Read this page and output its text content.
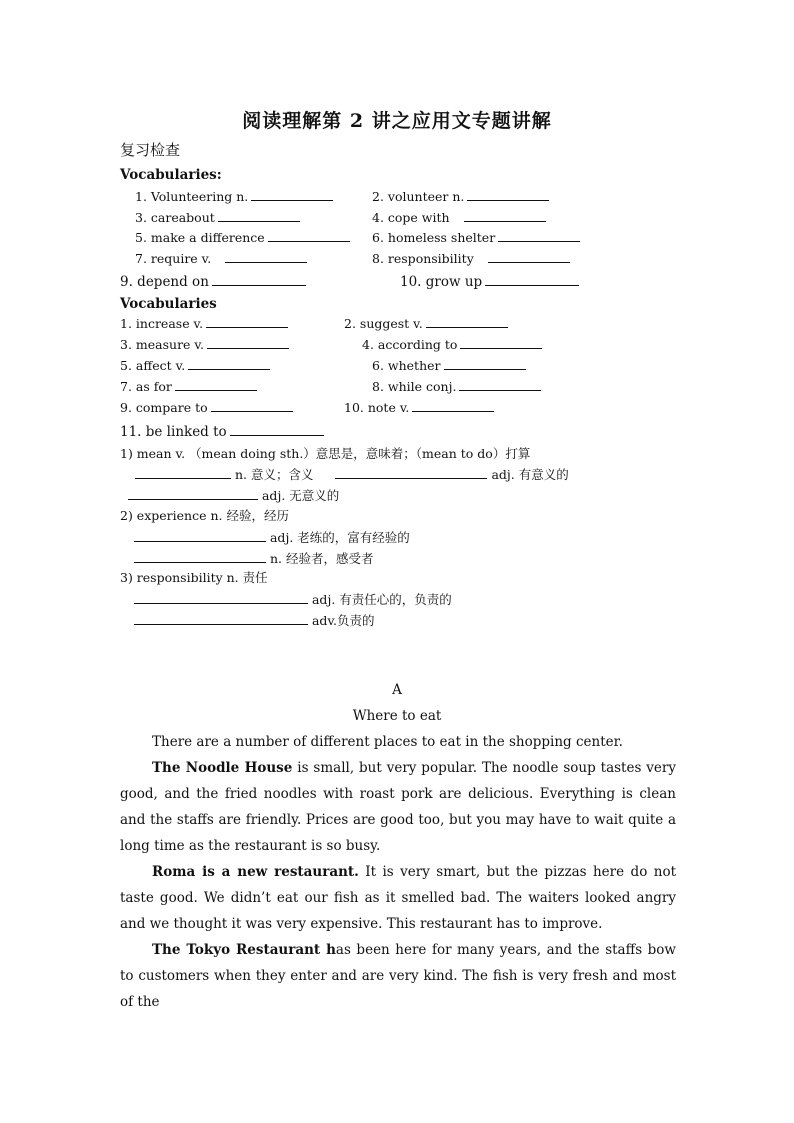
阅读理解第 2 讲之应用文专题讲解
复习检查
Vocabularies:
1. Volunteering n.
3. careabout
5. make a difference
7. require v.
2. volunteer n.
4. cope with
6. homeless shelter
8. responsibility
9. depend on	10. grow up
Vocabularies
1. increase v.
3. measure v.
5. affect v.
7. as for
9. compare to
2. suggest v.
4. according to
6. whether
8. while conj.
10. note v.
11. be linked to
1) mean v. （mean doing sth.）意思是，意味着；（mean to do）打算
n. 意义；含义	adj. 有意义的
adj. 无意义的
2) experience n. 经验，经历
adj. 老练的，富有经验的
n. 经验者，感受者
3) responsibility n. 责任
adj. 有责任心的，负责的
adv.负责的
A
Where to eat

There are a number of different places to eat in the shopping center.

The Noodle House is small, but very popular. The noodle soup tastes very good, and the fried noodles with roast pork are delicious. Everything is clean and the staffs are friendly. Prices are good too, but you may have to wait quite a long time as the restaurant is so busy.

Roma is a new restaurant. It is very smart, but the pizzas here do not taste good. We didn’t eat our fish as it smelled bad. The waiters looked angry and we thought it was very expensive. This restaurant has to improve.

The Tokyo Restaurant has been here for many years, and the staffs bow to customers when they enter and are very kind. The fish is very fresh and most of the
